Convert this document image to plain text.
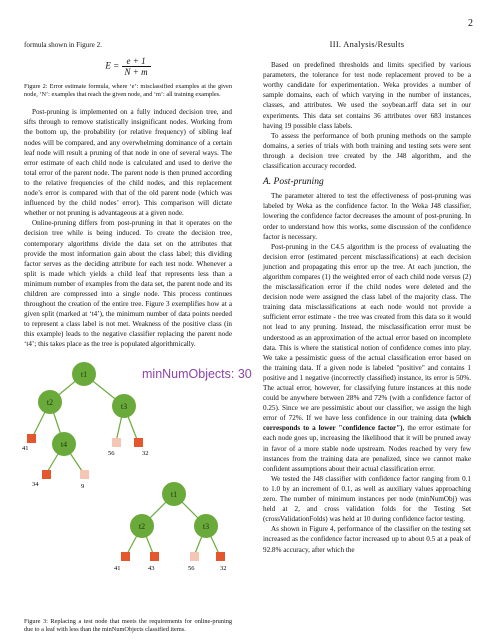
2

formula shown in Figure 2.

$E = \frac{e + 1}{N + m}$

Figure 2: Error estimate formula, where ‘e’: misclassified examples at the given node, ‘N’: examples that reach the given node, and ‘m’: all training examples.

Post-pruning is implemented on a fully induced decision tree, and sifts through to remove statistically insignificant nodes. Working from the bottom up, the probability (or relative frequency) of sibling leaf nodes will be compared, and any overwhelming dominance of a certain leaf node will result a pruning of that node in one of several ways. The error estimate of each child node is calculated and used to derive the total error of the parent node. The parent node is then pruned according to the relative frequencies of the child nodes, and this replacement node’s error is compared with that of the old parent node (which was influenced by the child nodes’ error). This comparison will dictate whether or not pruning is advantageous at a given node.

Online-pruning differs from post-pruning in that it operates on the decision tree while is being induced. To create the decision tree, contemporary algorithms divide the data set on the attributes that provide the most information gain about the class label; this dividing factor serves as the deciding attribute for each test node. Whenever a split is made which yields a child leaf that represents less than a minimum number of examples from the data set, the parent node and its children are compressed into a single node. This process continues throughout the creation of the entire tree. Figure 3 exemplifies how at a given split (marked at ‘t4’), the minimum number of data points needed to represent a class label is not met. Weakness of the positive class (in this example) leads to the negative classifier replacing the parent node ‘t4’; this takes place as the tree is populated algorithmically.

t1
t2	t3
t4
41
56	32
34	9
minNumObjects: 30
t1
t2	t3
41	43	56	32

Figure 3: Replacing a test node that meets the requirements for online-pruning due to a leaf with less than the minNumObjects classified items.

III. Analysis/Results

Based on predefined thresholds and limits specified by various parameters, the tolerance for test node replacement proved to be a worthy candidate for experimentation. Weka provides a number of sample domains, each of which varying in the number of instances, classes, and attributes. We used the soybean.arff data set in our experiments. This data set contains 36 attributes over 683 instances having 19 possible class labels.

To assess the performance of both pruning methods on the sample domains, a series of trials with both training and testing sets were sent through a decision tree created by the J48 algorithm, and the classification accuracy recorded.

A. Post-pruning

The parameter altered to test the effectiveness of post-pruning was labeled by Weka as the confidence factor. In the Weka J48 classifier, lowering the confidence factor decreases the amount of post-pruning. In order to understand how this works, some discussion of the confidence factor is necessary.

Post-pruning in the C4.5 algorithm is the process of evaluating the decision error (estimated percent misclassifications) at each decision junction and propagating this error up the tree. At each junction, the algorithm compares (1) the weighted error of each child node versus (2) the misclassification error if the child nodes were deleted and the decision node were assigned the class label of the majority class. The training data misclassifications at each node would not provide a sufficient error estimate - the tree was created from this data so it would not lead to any pruning. Instead, the misclassification error must be understood as an approximation of the actual error based on incomplete data. This is where the statistical notion of confidence comes into play. We take a pessimistic guess of the actual classification error based on the training data. If a given node is labeled "positive" and contains 1 positive and 1 negative (incorrectly classified) instance, its error is 50%. The actual error, however, for classifying future instances at this node could be anywhere between 28% and 72% (with a confidence factor of 0.25). Since we are pessimistic about our classifier, we assign the high error of 72%. If we have less confidence in our training data (which corresponds to a lower "confidence factor"), the error estimate for each node goes up, increasing the likelihood that it will be pruned away in favor of a more stable node upstream. Nodes reached by very few instances from the training data are penalized, since we cannot make confident assumptions about their actual classification error.

We tested the J48 classifier with confidence factor ranging from 0.1 to 1.0 by an increment of 0.1, as well as auxiliary values approaching zero. The number of minimum instances per node (minNumObj) was held at 2, and cross validation folds for the Testing Set (crossValidationFolds) was held at 10 during confidence factor testing.

As shown in Figure 4, performance of the classifier on the testing set increased as the confidence factor increased up to about 0.5 at a peak of 92.8% accuracy, after which the
